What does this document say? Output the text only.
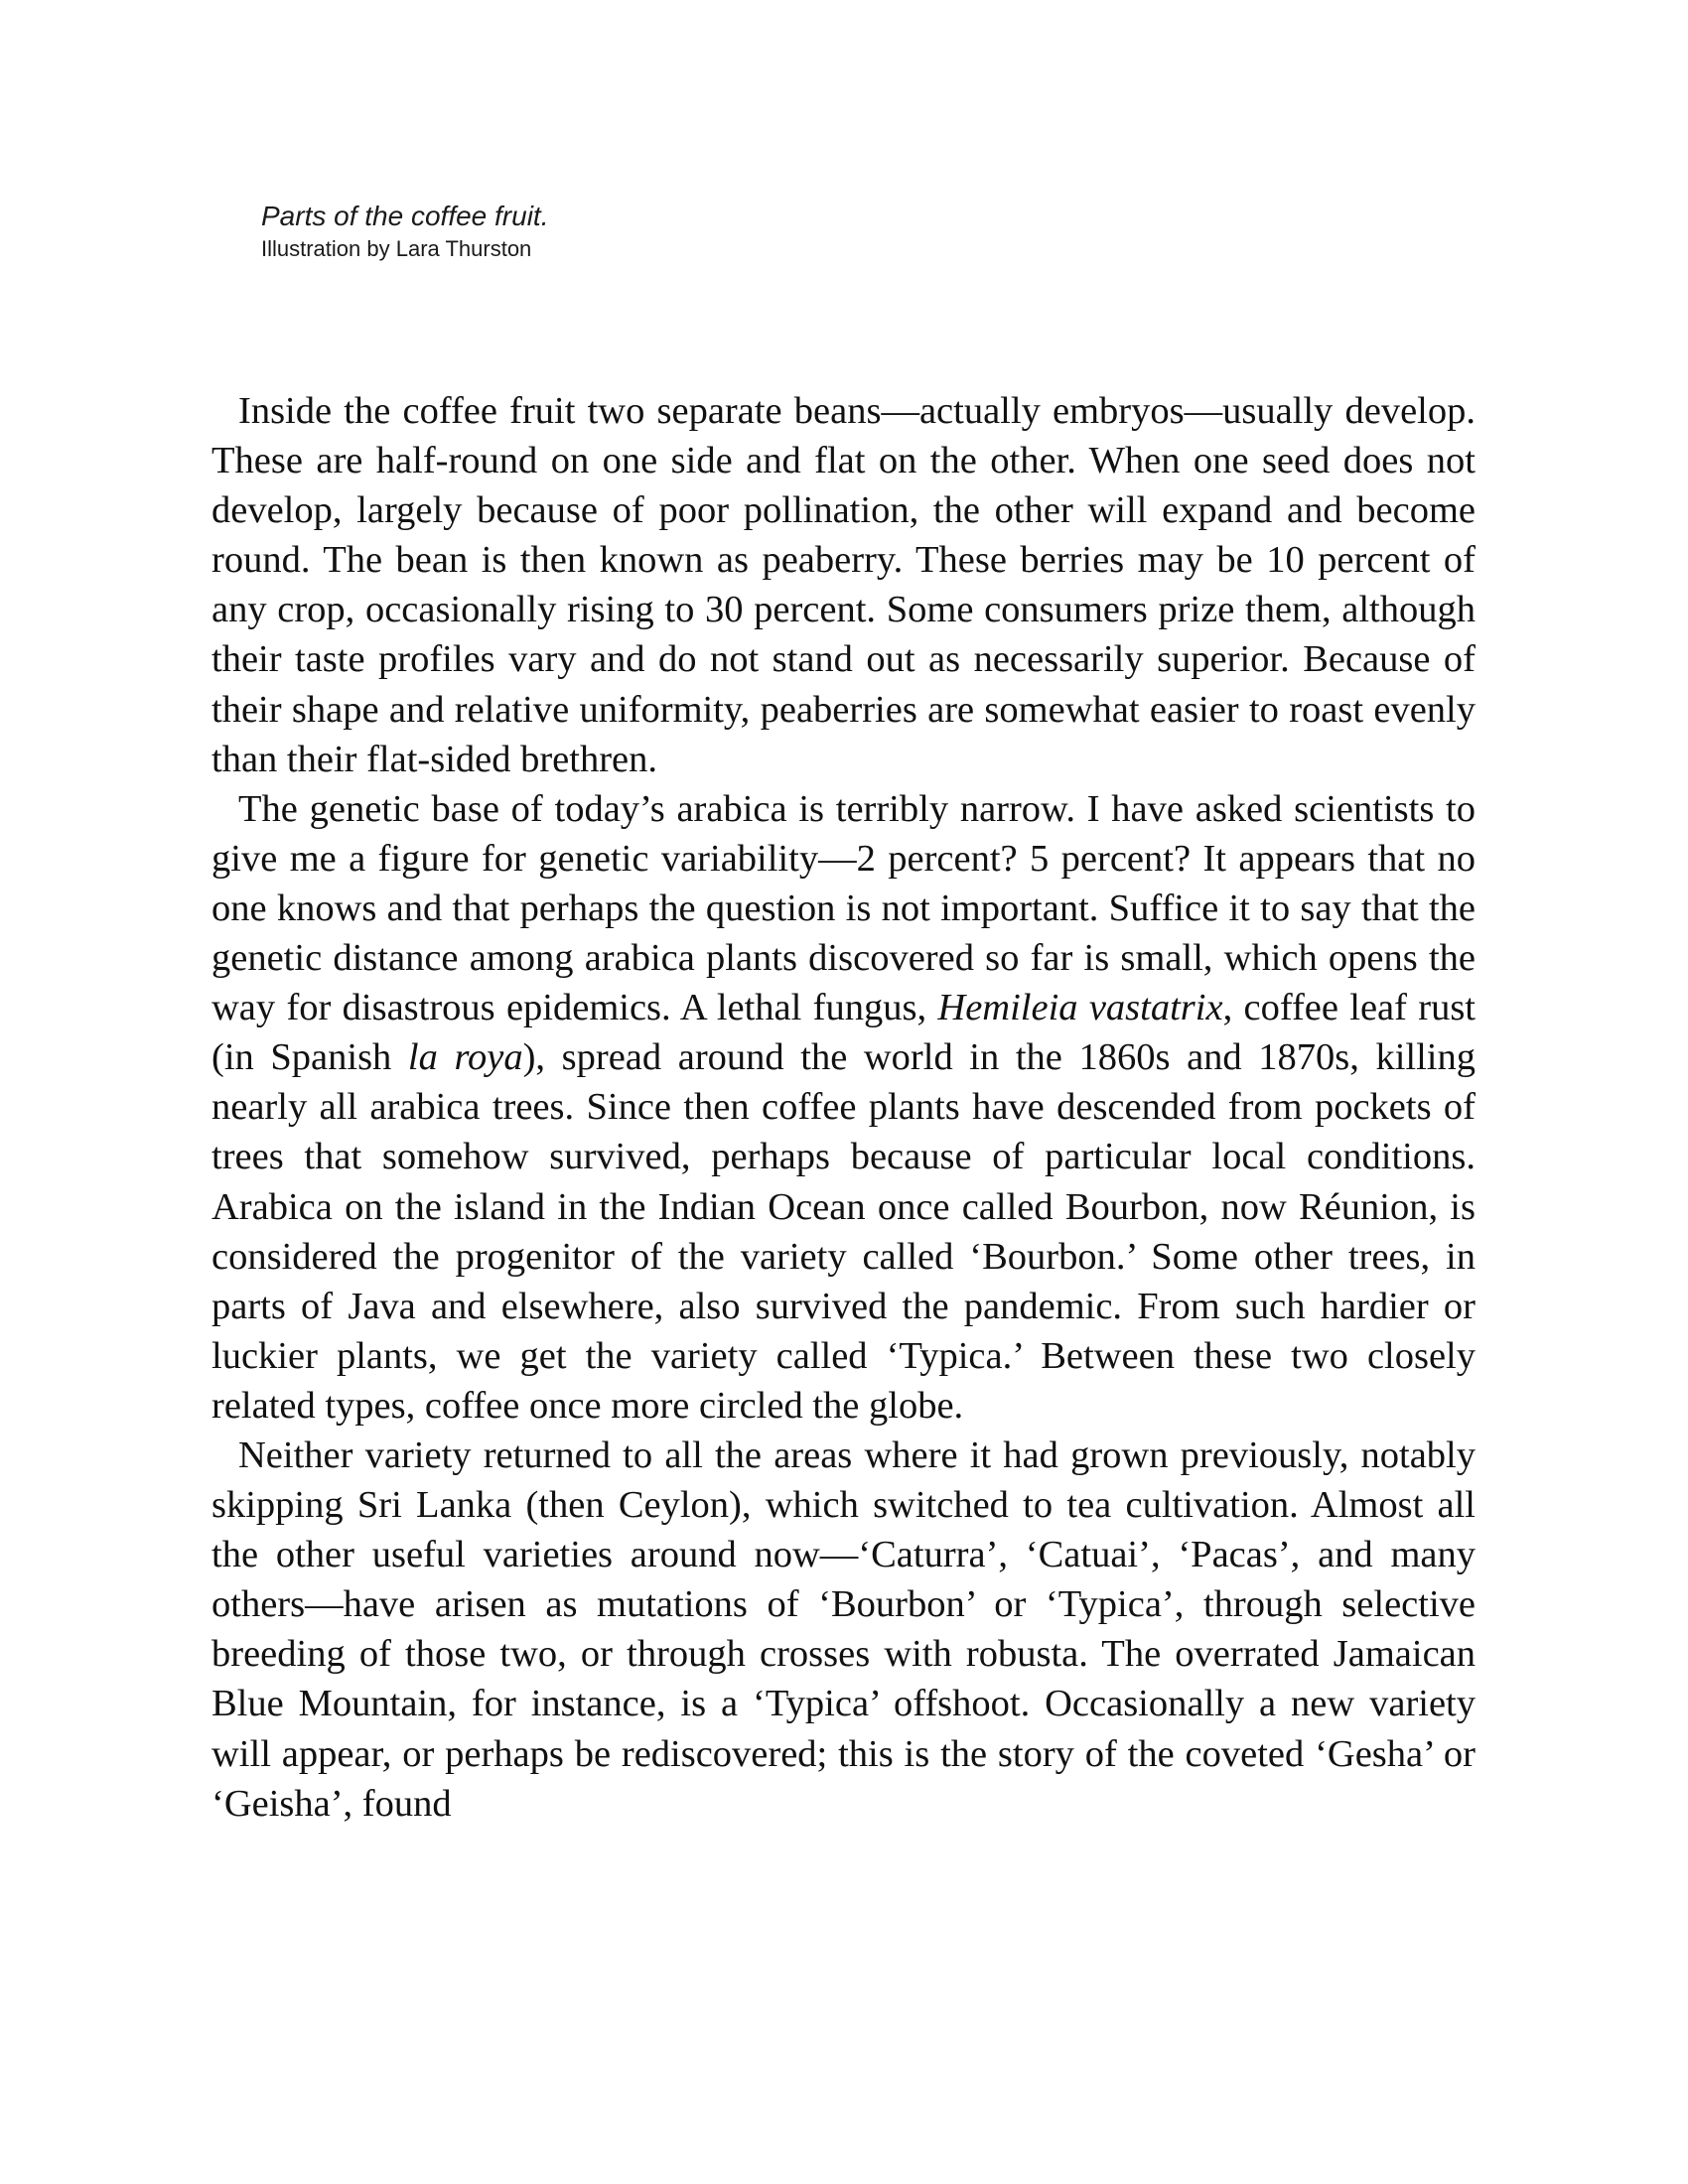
Parts of the coffee fruit.
Illustration by Lara Thurston

Inside the coffee fruit two separate beans—actually embryos—usually develop. These are half-round on one side and flat on the other. When one seed does not develop, largely because of poor pollination, the other will expand and become round. The bean is then known as peaberry. These berries may be 10 percent of any crop, occasionally rising to 30 percent. Some consumers prize them, although their taste profiles vary and do not stand out as necessarily superior. Because of their shape and relative uniformity, peaberries are somewhat easier to roast evenly than their flat-sided brethren.

The genetic base of today’s arabica is terribly narrow. I have asked scientists to give me a figure for genetic variability—2 percent? 5 percent? It appears that no one knows and that perhaps the question is not important. Suffice it to say that the genetic distance among arabica plants discovered so far is small, which opens the way for disastrous epidemics. A lethal fungus, Hemileia vastatrix, coffee leaf rust (in Spanish la roya), spread around the world in the 1860s and 1870s, killing nearly all arabica trees. Since then coffee plants have descended from pockets of trees that somehow survived, perhaps because of particular local conditions. Arabica on the island in the Indian Ocean once called Bourbon, now Réunion, is considered the progenitor of the variety called ‘Bourbon.’ Some other trees, in parts of Java and elsewhere, also survived the pandemic. From such hardier or luckier plants, we get the variety called ‘Typica.’ Between these two closely related types, coffee once more circled the globe.

Neither variety returned to all the areas where it had grown previously, notably skipping Sri Lanka (then Ceylon), which switched to tea cultivation. Almost all the other useful varieties around now—‘Caturra’, ‘Catuai’, ‘Pacas’, and many others—have arisen as mutations of ‘Bourbon’ or ‘Typica’, through selective breeding of those two, or through crosses with robusta. The overrated Jamaican Blue Mountain, for instance, is a ‘Typica’ offshoot. Occasionally a new variety will appear, or perhaps be rediscovered; this is the story of the coveted ‘Gesha’ or ‘Geisha’, found
